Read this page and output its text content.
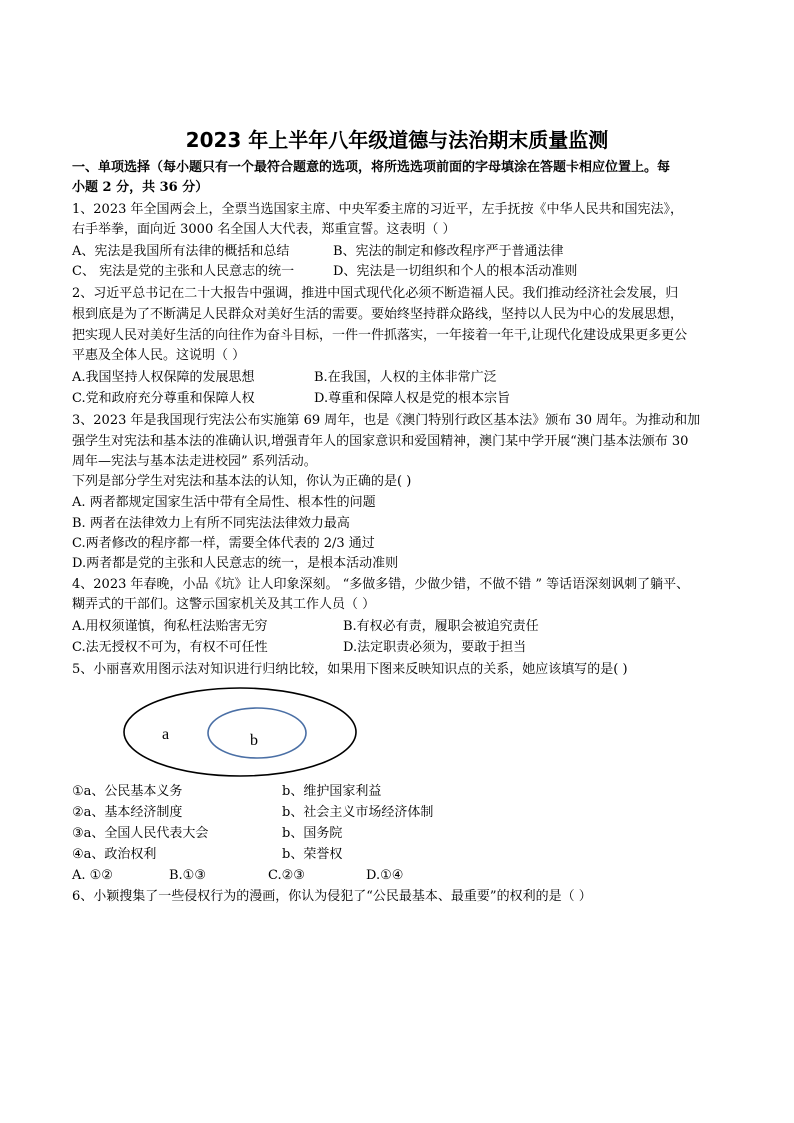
2023 年上半年八年级道德与法治期末质量监测
一、单项选择（每小题只有一个最符合题意的选项，将所选选项前面的字母填涂在答题卡相应位置上。每
小题 2 分，共 36 分）
1、2023 年全国两会上，全票当选国家主席、中央军委主席的习近平，左手抚按《中华人民共和国宪法》，
右手举拳，面向近 3000 名全国人大代表，郑重宣誓。这表明（ ）
A、宪法是我国所有法律的概括和总结	B、宪法的制定和修改程序严于普通法律
C、 宪法是党的主张和人民意志的统一	D、宪法是一切组织和个人的根本活动准则
2、习近平总书记在二十大报告中强调，推进中国式现代化必须不断造福人民。我们推动经济社会发展，归
根到底是为了不断满足人民群众对美好生活的需要。要始终坚持群众路线，坚持以人民为中心的发展思想，
把实现人民对美好生活的向往作为奋斗目标，一件一件抓落实，一年接着一年干,让现代化建设成果更多更公
平惠及全体人民。这说明（ ）
A.我国坚持人权保障的发展思想	B.在我国，人权的主体非常广泛
C.党和政府充分尊重和保障人权	D.尊重和保障人权是党的根本宗旨
3、2023 年是我国现行宪法公布实施第 69 周年，也是《澳门特别行政区基本法》颁布 30 周年。为推动和加
强学生对宪法和基本法的准确认识,增强青年人的国家意识和爱国精神，澳门某中学开展“澳门基本法颁布 30
周年—宪法与基本法走进校园” 系列活动。
下列是部分学生对宪法和基本法的认知，你认为正确的是( )
A. 两者都规定国家生活中带有全局性、根本性的问题
B. 两者在法律效力上有所不同宪法法律效力最高
C.两者修改的程序都一样，需要全体代表的 2/3 通过
D.两者都是党的主张和人民意志的统一，是根本活动准则
4、2023 年春晚，小品《坑》让人印象深刻。 “多做多错，少做少错，不做不错 ” 等话语深刻讽刺了躺平、
糊弄式的干部们。这警示国家机关及其工作人员（ ）
A.用权须谨慎，徇私枉法贻害无穷	B.有权必有责，履职会被追究责任
C.法无授权不可为，有权不可任性	D.法定职责必须为，要敢于担当
5、小丽喜欢用图示法对知识进行归纳比较，如果用下图来反映知识点的关系，她应该填写的是( )
a	b
①a、公民基本义务	b、维护国家利益
②a、基本经济制度	b、社会主义市场经济体制
③a、全国人民代表大会	b、国务院
④a、政治权利	b、荣誉权
A. ①②	B.①③	C.②③	D.①④
6、小颖搜集了一些侵权行为的漫画，你认为侵犯了“公民最基本、最重要”的权利的是（ ）
